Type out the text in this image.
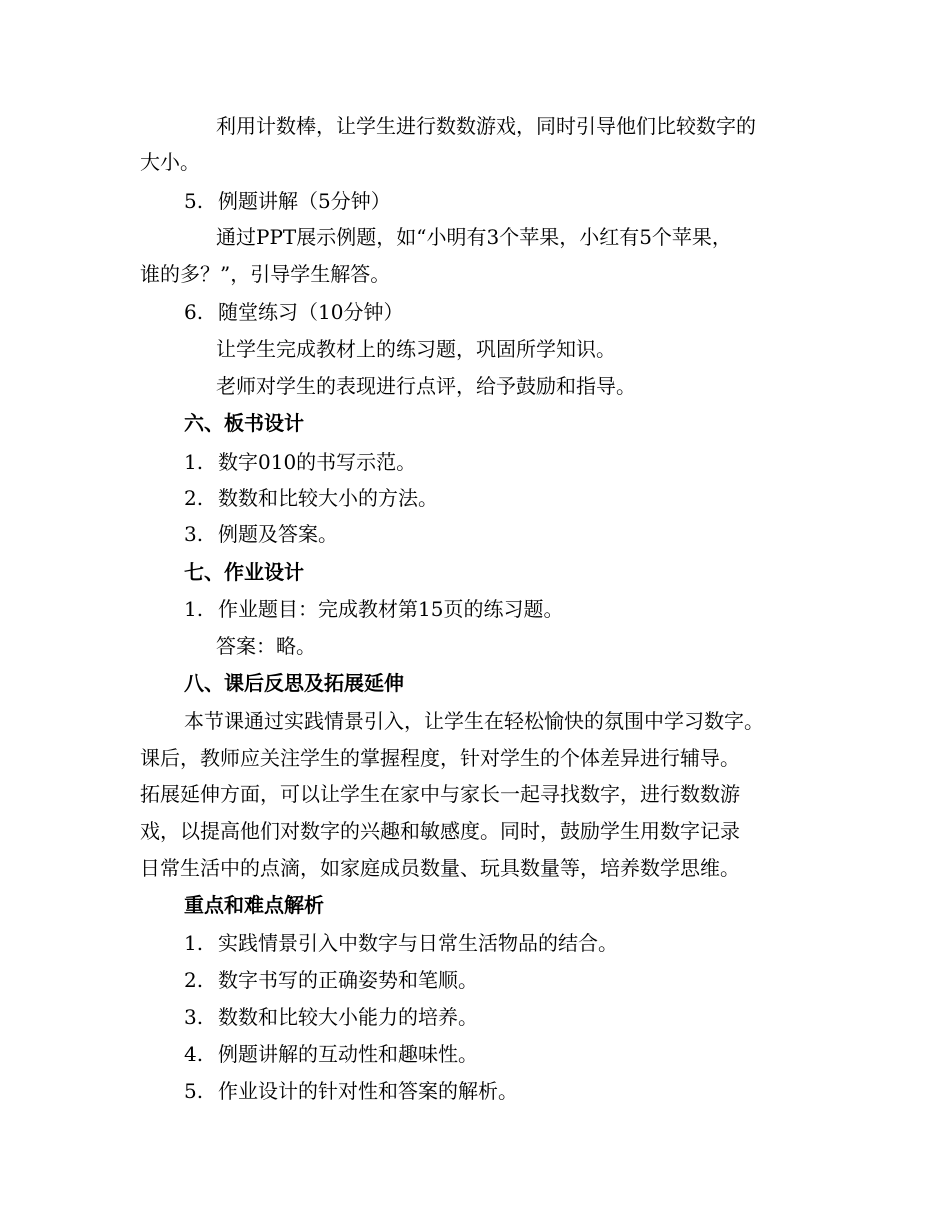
利用计数棒，让学生进行数数游戏，同时引导他们比较数字的
大小。
5. 例题讲解（5分钟）
通过PPT展示例题，如“小明有3个苹果，小红有5个苹果，
谁的多？”，引导学生解答。
6. 随堂练习（10分钟）
让学生完成教材上的练习题，巩固所学知识。
老师对学生的表现进行点评，给予鼓励和指导。
六、板书设计
1. 数字010的书写示范。
2. 数数和比较大小的方法。
3. 例题及答案。
七、作业设计
1. 作业题目：完成教材第15页的练习题。
答案：略。
八、课后反思及拓展延伸
本节课通过实践情景引入，让学生在轻松愉快的氛围中学习数字。
课后，教师应关注学生的掌握程度，针对学生的个体差异进行辅导。
拓展延伸方面，可以让学生在家中与家长一起寻找数字，进行数数游
戏，以提高他们对数字的兴趣和敏感度。同时，鼓励学生用数字记录
日常生活中的点滴，如家庭成员数量、玩具数量等，培养数学思维。
重点和难点解析
1. 实践情景引入中数字与日常生活物品的结合。
2. 数字书写的正确姿势和笔顺。
3. 数数和比较大小能力的培养。
4. 例题讲解的互动性和趣味性。
5. 作业设计的针对性和答案的解析。
